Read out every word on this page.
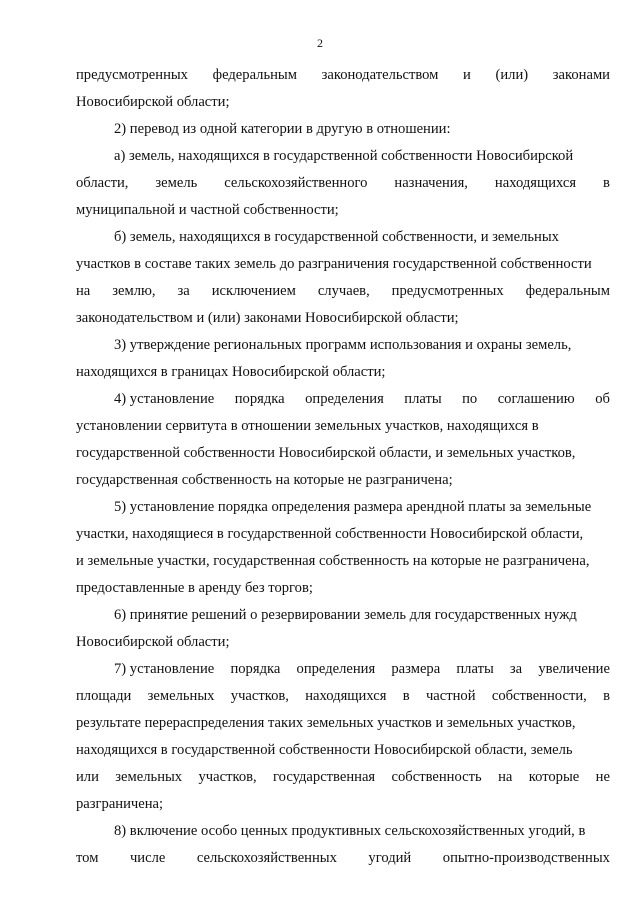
2

предусмотренных федеральным законодательством и (или) законами
Новосибирской области;

2) перевод из одной категории в другую в отношении:

а) земель, находящихся в государственной собственности Новосибирской
области, земель сельскохозяйственного назначения, находящихся в
муниципальной и частной собственности;

б) земель, находящихся в государственной собственности, и земельных
участков в составе таких земель до разграничения государственной собственности
на землю, за исключением случаев, предусмотренных федеральным
законодательством и (или) законами Новосибирской области;

3) утверждение региональных программ использования и охраны земель,
находящихся в границах Новосибирской области;

4) установление порядка определения платы по соглашению об
установлении сервитута в отношении земельных участков, находящихся в
государственной собственности Новосибирской области, и земельных участков,
государственная собственность на которые не разграничена;

5) установление порядка определения размера арендной платы за земельные
участки, находящиеся в государственной собственности Новосибирской области,
и земельные участки, государственная собственность на которые не разграничена,
предоставленные в аренду без торгов;

6) принятие решений о резервировании земель для государственных нужд
Новосибирской области;

7) установление порядка определения размера платы за увеличение
площади земельных участков, находящихся в частной собственности, в
результате перераспределения таких земельных участков и земельных участков,
находящихся в государственной собственности Новосибирской области, земель
или земельных участков, государственная собственность на которые не
разграничена;

8) включение особо ценных продуктивных сельскохозяйственных угодий, в
том числе сельскохозяйственных угодий опытно-производственных
